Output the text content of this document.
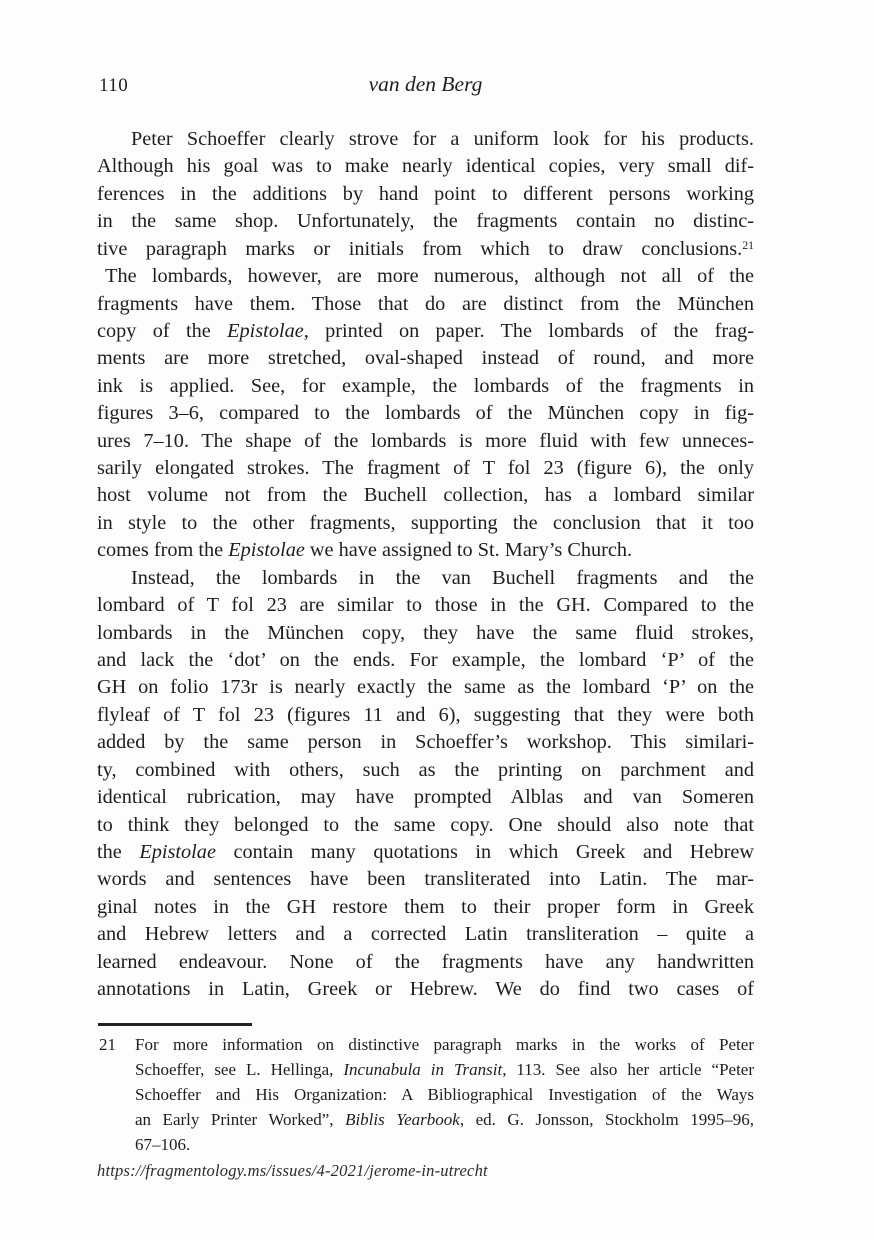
110	van den Berg
Peter Schoeffer clearly strove for a uniform look for his products.
Although his goal was to make nearly identical copies, very small dif-
ferences in the additions by hand point to different persons working
in the same shop. Unfortunately, the fragments contain no distinc-
tive paragraph marks or initials from which to draw conclusions.$^{21}$
  The lombards, however, are more numerous, although not all of the
fragments have them. Those that do are distinct from the München
copy of the Epistolae, printed on paper. The lombards of the frag-
ments are more stretched, oval-shaped instead of round, and more
ink is applied. See, for example, the lombards of the fragments in
figures 3–6, compared to the lombards of the München copy in fig-
ures 7–10. The shape of the lombards is more fluid with few unneces-
sarily elongated strokes. The fragment of T fol 23 (figure 6), the only
host volume not from the Buchell collection, has a lombard similar
in style to the other fragments, supporting the conclusion that it too
comes from the Epistolae we have assigned to St. Mary’s Church.
Instead, the lombards in the van Buchell fragments and the
lombard of T fol 23 are similar to those in the GH. Compared to the
lombards in the München copy, they have the same fluid strokes,
and lack the ‘dot’ on the ends. For example, the lombard ‘P’ of the
GH on folio 173r is nearly exactly the same as the lombard ‘P’ on the
flyleaf of T fol 23 (figures 11 and 6), suggesting that they were both
added by the same person in Schoeffer’s workshop. This similari-
ty, combined with others, such as the printing on parchment and
identical rubrication, may have prompted Alblas and van Someren
to think they belonged to the same copy. One should also note that
the Epistolae contain many quotations in which Greek and Hebrew
words and sentences have been transliterated into Latin. The mar-
ginal notes in the GH restore them to their proper form in Greek
and Hebrew letters and a corrected Latin transliteration – quite a
learned endeavour. None of the fragments have any handwritten
annotations in Latin, Greek or Hebrew. We do find two cases of
21 For more information on distinctive paragraph marks in the works of Peter
Schoeffer, see L. Hellinga, Incunabula in Transit, 113. See also her article “Peter
Schoeffer and His Organization: A Bibliographical Investigation of the Ways
an Early Printer Worked”, Biblis Yearbook, ed. G. Jonsson, Stockholm 1995–96,
67–106.
https://fragmentology.ms/issues/4-2021/jerome-in-utrecht
